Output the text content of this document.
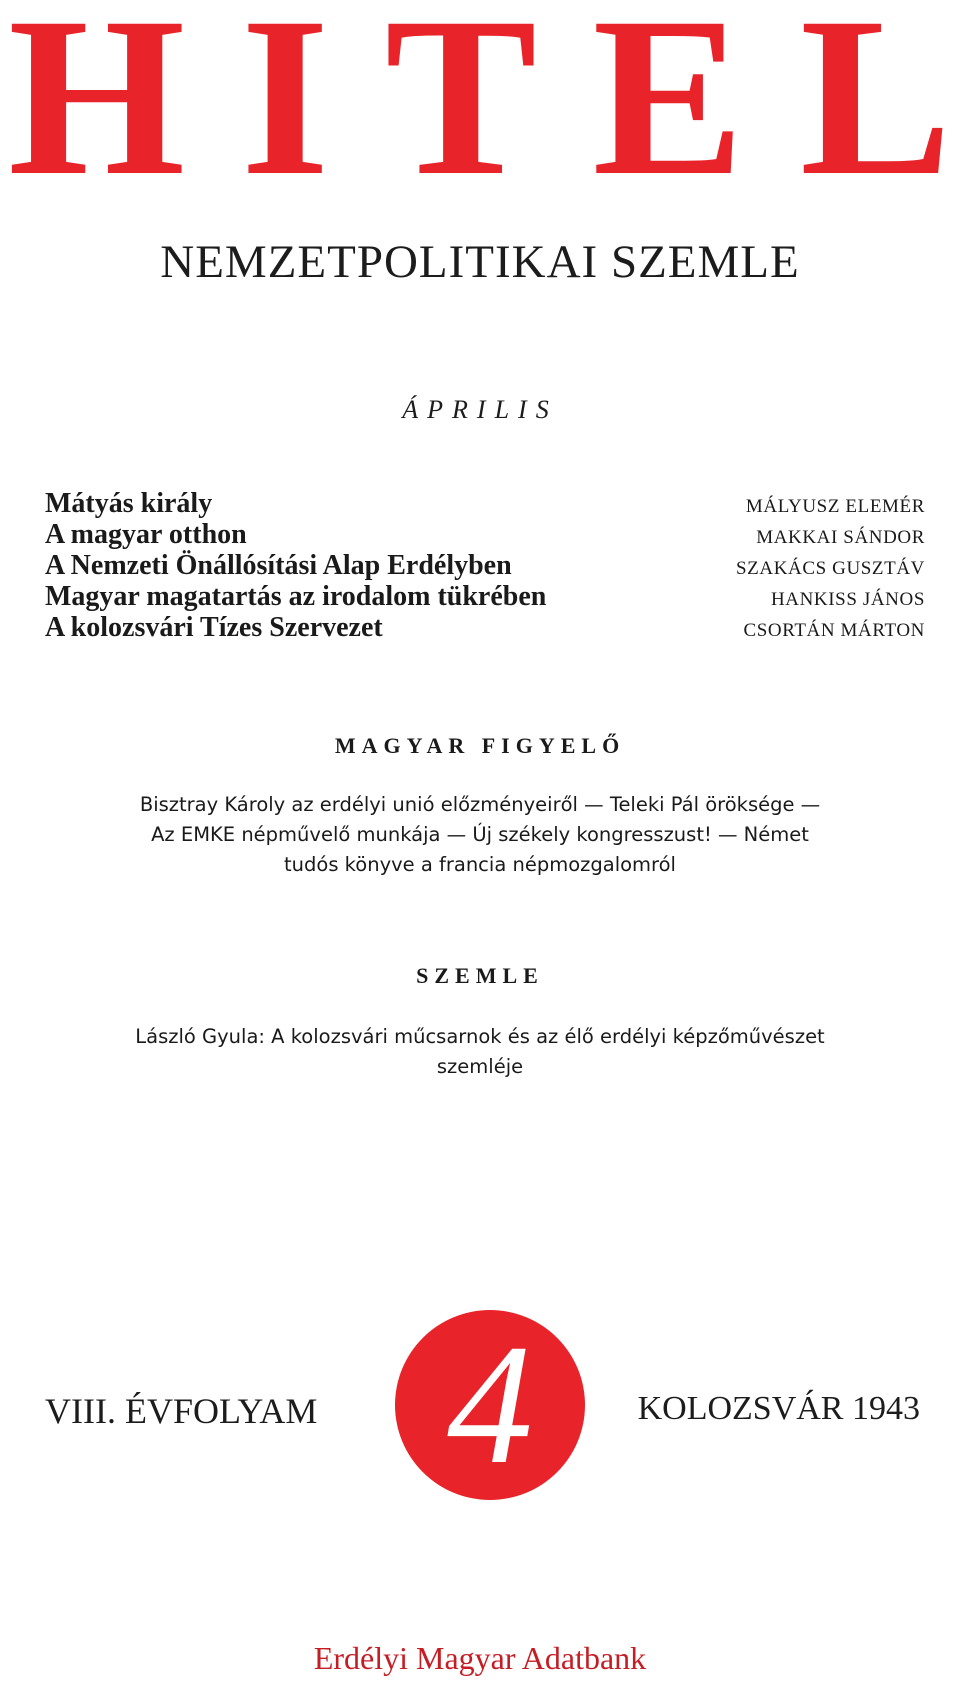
H I T E L
NEMZETPOLITIKAI SZEMLE
ÁPRILIS
Mátyás király	MÁLYUSZ ELEMÉR
A magyar otthon	MAKKAI SÁNDOR
A Nemzeti Önállósítási Alap Erdélyben	SZAKÁCS GUSZTÁV
Magyar magatartás az irodalom tükrében	HANKISS JÁNOS
A kolozsvári Tízes Szervezet	CSORTÁN MÁRTON
MAGYAR FIGYELŐ
Bisztray Károly az erdélyi unió előzményeiről — Teleki Pál öröksége —
Az EMKE népművelő munkája — Új székely kongresszust! — Német
tudós könyve a francia népmozgalomról
SZEMLE
László Gyula: A kolozsvári műcsarnok és az élő erdélyi képzőművészet
szemléje
VIII. ÉVFOLYAM 4	KOLOZSVÁR 1943
Erdélyi Magyar Adatbank
